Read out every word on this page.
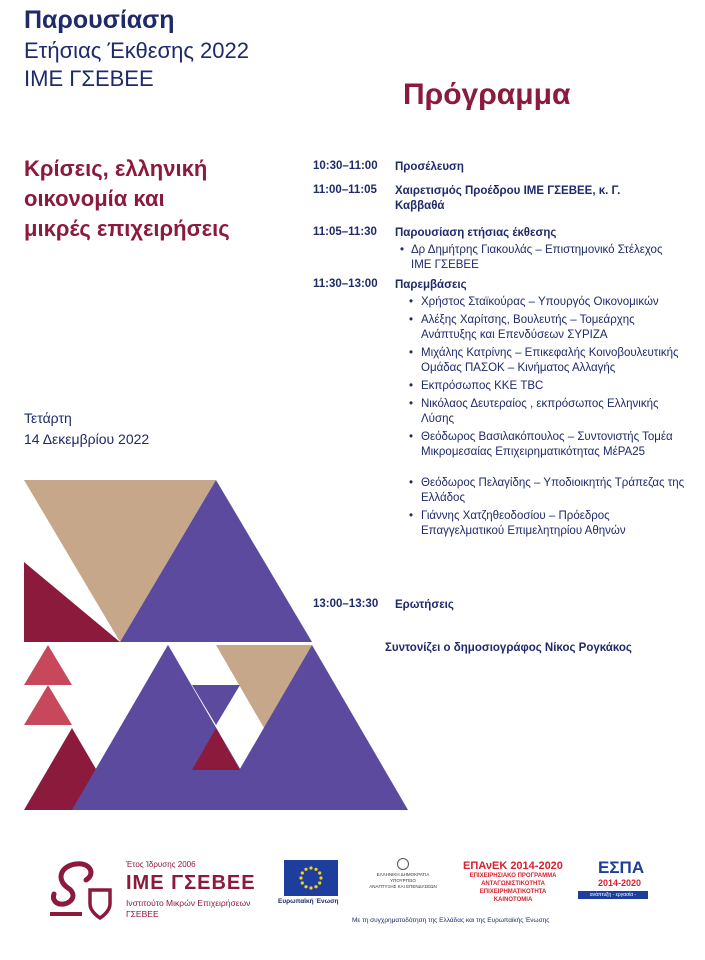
Παρουσίαση
Ετήσιας Έκθεσης 2022
ΙΜΕ ΓΣΕΒΕΕ	Πρόγραμμα
Κρίσεις, ελληνική
οικονομία και
μικρές επιχειρήσεις
Τετάρτη
14 Δεκεμβρίου 2022
10:30–11:00	Προσέλευση
11:00–11:05	Χαιρετισμός Προέδρου ΙΜΕ ΓΣΕΒΕΕ, κ. Γ. Καββαθά
11:05–11:30	Παρουσίαση ετήσιας έκθεσης
• Δρ Δημήτρης Γιακουλάς – Επιστημονικό Στέλεχος ΙΜΕ ΓΣΕΒΕΕ
11:30–13:00	Παρεμβάσεις
• Χρήστος Σταϊκούρας – Υπουργός Οικονομικών
• Αλέξης Χαρίτσης, Βουλευτής – Τομεάρχης Ανάπτυξης και Επενδύσεων ΣΥΡΙΖΑ
• Μιχάλης Κατρίνης – Επικεφαλής Κοινοβουλευτικής Ομάδας ΠΑΣΟΚ – Κινήματος Αλλαγής
• Εκπρόσωπος ΚΚΕ TBC
• Νικόλαος Δευτεραίος , εκπρόσωπος Ελληνικής Λύσης
• Θεόδωρος Βασιλακόπουλος – Συντονιστής Τομέα Μικρομεσαίας Επιχειρηματικότητας ΜέΡΑ25
• Θεόδωρος Πελαγίδης – Υποδιοικητής Τράπεζας της Ελλάδος
• Γιάννης Χατζηθεοδοσίου – Πρόεδρος Επαγγελματικού Επιμελητηρίου Αθηνών
13:00–13:30	Ερωτήσεις
Συντονίζει ο δημοσιογράφος Νίκος Ρογκάκος
Έτος Ίδρυσης 2006
ΙΜΕ ΓΣΕΒΕΕ
Ινστιτούτο Μικρών Επιχειρήσεων
ΓΣΕΒΕΕ
Ευρωπαϊκή Ένωση
ΕΛΛΗΝΙΚΗ ΔΗΜΟΚΡΑΤΙΑ
ΥΠΟΥΡΓΕΙΟ
ΑΝΑΠΤΥΞΗΣ ΚΑΙ ΕΠΕΝΔΥΣΕΩΝ
ΕΠΑνΕΚ 2014-2020
ΕΠΙΧΕΙΡΗΣΙΑΚΟ ΠΡΟΓΡΑΜΜΑ
ΑΝΤΑΓΩΝΙΣΤΙΚΟΤΗΤΑ
ΕΠΙΧΕΙΡΗΜΑΤΙΚΟΤΗΤΑ
ΚΑΙΝΟΤΟΜΙΑ
ΕΣΠΑ
2014-2020
ανάπτυξη - εργασία - αλληλεγγύη
Με τη συγχρηματοδότηση της Ελλάδας και της Ευρωπαϊκής Ένωσης
